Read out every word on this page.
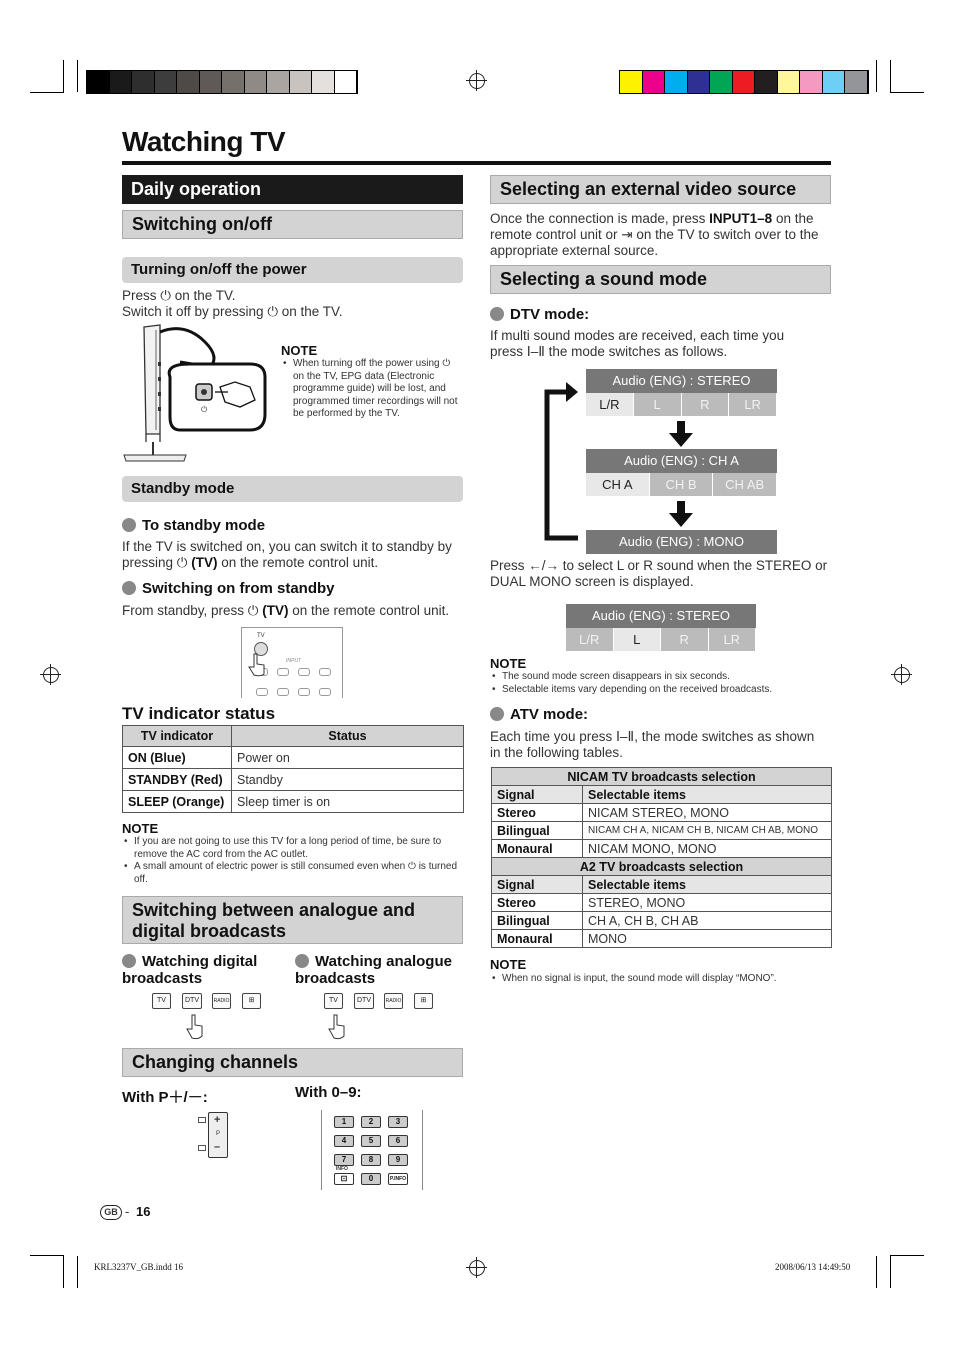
Watching TV
Daily operation
Switching on/off
Turning on/off the power
Press ⏻ on the TV.
Switch it off by pressing ⏻ on the TV.
⏻
NOTE
• When turning off the power using ⏻ on the TV, EPG data (Electronic programme guide) will be lost, and programmed timer recordings will not be performed by the TV.
Standby mode
To standby mode
If the TV is switched on, you can switch it to standby by pressing ⏻ (TV) on the remote control unit.
Switching on from standby
From standby, press ⏻ (TV) on the remote control unit.
TV
INPUT
TV indicator status
TV indicator	Status
ON (Blue)	Power on
STANDBY (Red)	Standby
SLEEP (Orange)	Sleep timer is on
NOTE
• If you are not going to use this TV for a long period of time, be sure to remove the AC cord from the AC outlet.
• A small amount of electric power is still consumed even when ⏻ is turned off.
Switching between analogue and digital broadcasts
Watching digital broadcasts
Watching analogue broadcasts
TV	DTV	RADIO	⊞	TV	DTV	RADIO	⊞
Changing channels
With P＋/－:	With 0–9:
+
P
–
1	2	3
4	5	6
7	8	9
INFO
⊡	0	P.INFO
GB - 16
Selecting an external video source
Once the connection is made, press INPUT1–8 on the remote control unit or ⇥ on the TV to switch over to the appropriate external source.
Selecting a sound mode
DTV mode:
If multi sound modes are received, each time you press Ⅰ–Ⅱ the mode switches as follows.
Audio (ENG) : STEREO
L/R	L	R	LR
Audio (ENG) : CH A
CH A	CH B	CH AB
Audio (ENG) : MONO
Press ←/→ to select L or R sound when the STEREO or DUAL MONO screen is displayed.
Audio (ENG) : STEREO
L/R	L	R	LR
NOTE
• The sound mode screen disappears in six seconds.
• Selectable items vary depending on the received broadcasts.
ATV mode:
Each time you press Ⅰ–Ⅱ, the mode switches as shown in the following tables.
NICAM TV broadcasts selection	
Signal	Selectable items
Stereo	NICAM STEREO, MONO
Bilingual	NICAM CH A, NICAM CH B, NICAM CH AB, MONO
Monaural	NICAM MONO, MONO
A2 TV broadcasts selection	
Signal	Selectable items
Stereo	STEREO, MONO
Bilingual	CH A, CH B, CH AB
Monaural	MONO
NOTE
• When no signal is input, the sound mode will display “MONO”.
KRL3237V_GB.indd 16	2008/06/13 14:49:50
